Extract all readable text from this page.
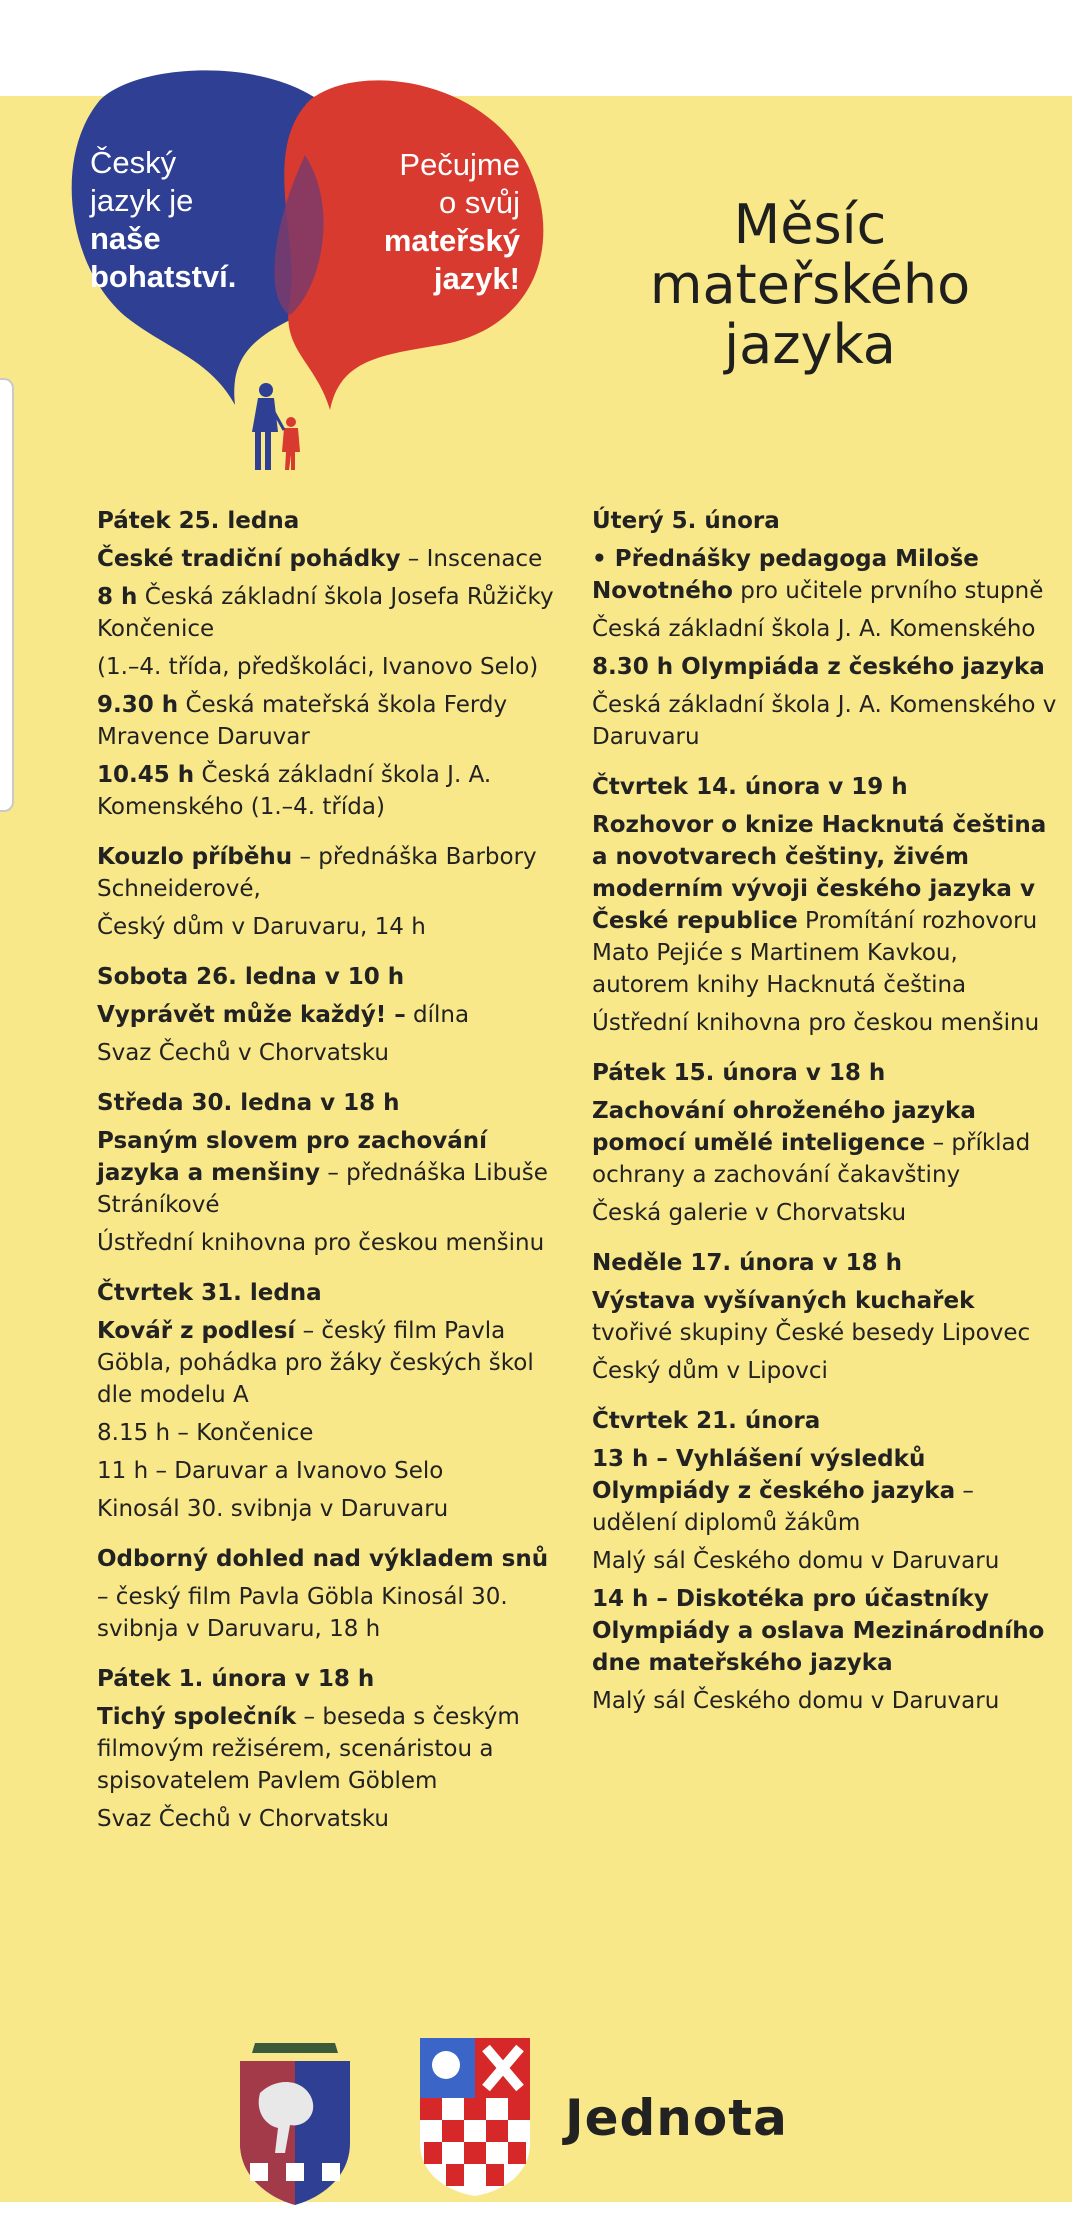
Český
jazyk je
naše
bohatství.
Pečujme
o svůj
mateřský
jazyk!
Měsíc
mateřského
jazyka

Pátek 25. ledna

České tradiční pohádky – Inscenace

8 h Česká základní škola Josefa Růžičky Končenice

(1.–4. třída, předškoláci, Ivanovo Selo)

9.30 h Česká mateřská škola Ferdy Mravence Daruvar

10.45 h Česká základní škola J. A. Komenského (1.–4. třída)

Kouzlo příběhu – přednáška Barbory Schneiderové,

Český dům v Daruvaru, 14 h

Sobota 26. ledna v 10 h

Vyprávět může každý! – dílna

Svaz Čechů v Chorvatsku

Středa 30. ledna v 18 h

Psaným slovem pro zachování jazyka a menšiny – přednáška Libuše Stráníkové

Ústřední knihovna pro českou menšinu

Čtvrtek 31. ledna

Kovář z podlesí – český film Pavla Göbla, pohádka pro žáky českých škol dle modelu A

8.15 h – Končenice

11 h – Daruvar a Ivanovo Selo

Kinosál 30. svibnja v Daruvaru

Odborný dohled nad výkladem snů

– český film Pavla Göbla Kinosál 30. svibnja v Daruvaru, 18 h

Pátek 1. února v 18 h

Tichý společník – beseda s českým filmovým režisérem, scenáristou a spisovatelem Pavlem Göblem

Svaz Čechů v Chorvatsku

Úterý 5. února

• Přednášky pedagoga Miloše Novotného pro učitele prvního stupně

Česká základní škola J. A. Komenského

8.30 h Olympiáda z českého jazyka

Česká základní škola J. A. Komenského v Daruvaru

Čtvrtek 14. února v 19 h

Rozhovor o knize Hacknutá čeština a novotvarech češtiny, živém moderním vývoji českého jazyka v České republice Promítání rozhovoru Mato Pejiće s Martinem Kavkou, autorem knihy Hacknutá čeština

Ústřední knihovna pro českou menšinu

Pátek 15. února v 18 h

Zachování ohroženého jazyka pomocí umělé inteligence – příklad ochrany a zachování čakavštiny

Česká galerie v Chorvatsku

Neděle 17. února v 18 h

Výstava vyšívaných kuchařek tvořivé skupiny České besedy Lipovec

Český dům v Lipovci

Čtvrtek 21. února

13 h – Vyhlášení výsledků Olympiády z českého jazyka – udělení diplomů žákům

Malý sál Českého domu v Daruvaru

14 h – Diskotéka pro účastníky Olympiády a oslava Mezinárodního dne mateřského jazyka

Malý sál Českého domu v Daruvaru

Jednota
